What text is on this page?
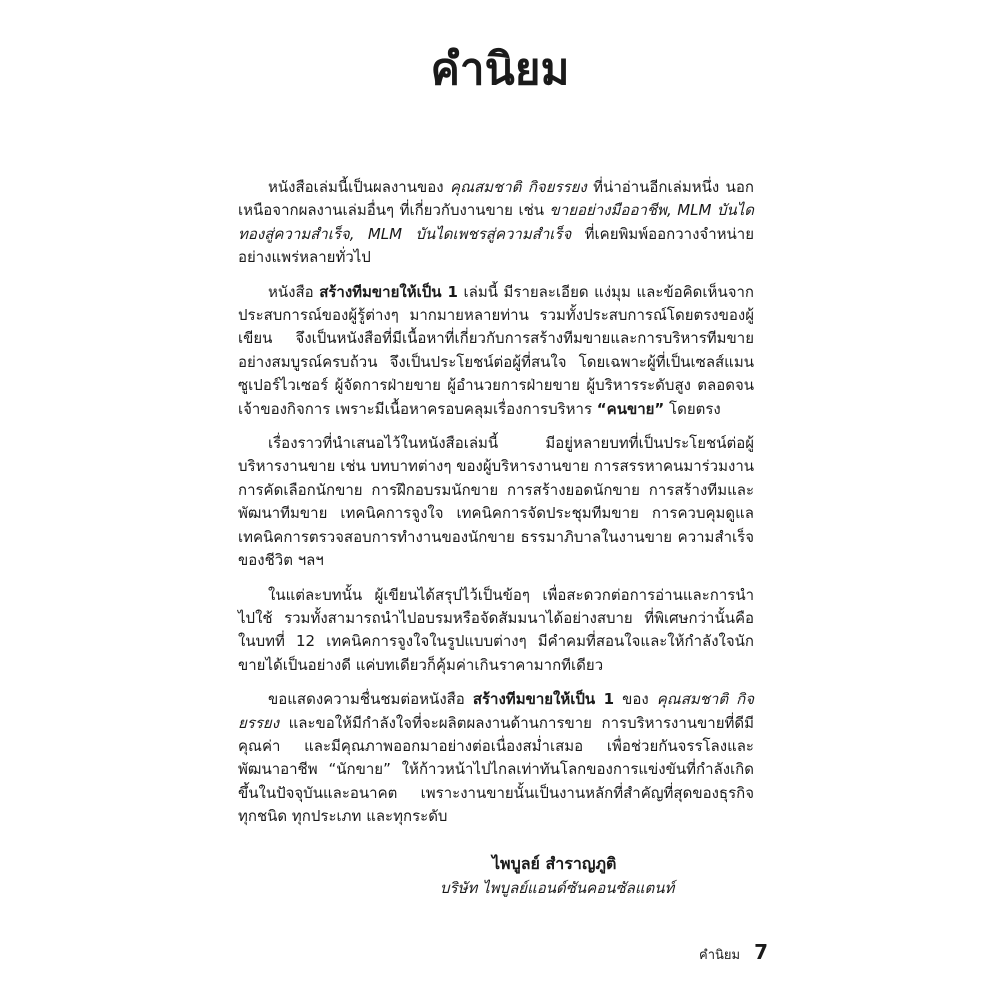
คำนิยม

หนังสือเล่มนี้เป็นผลงานของ คุณสมชาติ กิจยรรยง ที่น่าอ่านอีกเล่มหนึ่ง นอกเหนือจากผลงานเล่มอื่นๆ ที่เกี่ยวกับงานขาย เช่น ขายอย่างมืออาชีพ, MLM บันไดทองสู่ความสำเร็จ, MLM บันไดเพชรสู่ความสำเร็จ ที่เคยพิมพ์ออกวางจำหน่ายอย่างแพร่หลายทั่วไป

หนังสือ สร้างทีมขายให้เป็น 1 เล่มนี้ มีรายละเอียด แง่มุม และข้อคิดเห็นจากประสบการณ์ของผู้รู้ต่างๆ มากมายหลายท่าน รวมทั้งประสบการณ์โดยตรงของผู้เขียน จึงเป็นหนังสือที่มีเนื้อหาที่เกี่ยวกับการสร้างทีมขายและการบริหารทีมขายอย่างสมบูรณ์ครบถ้วน จึงเป็นประโยชน์ต่อผู้ที่สนใจ โดยเฉพาะผู้ที่เป็นเซลส์แมน ซูเปอร์ไวเซอร์ ผู้จัดการฝ่ายขาย ผู้อำนวยการฝ่ายขาย ผู้บริหารระดับสูง ตลอดจนเจ้าของกิจการ เพราะมีเนื้อหาครอบคลุมเรื่องการบริหาร “คนขาย” โดยตรง

เรื่องราวที่นำเสนอไว้ในหนังสือเล่มนี้ มีอยู่หลายบทที่เป็นประโยชน์ต่อผู้บริหารงานขาย เช่น บทบาทต่างๆ ของผู้บริหารงานขาย การสรรหาคนมาร่วมงาน การคัดเลือกนักขาย การฝึกอบรมนักขาย การสร้างยอดนักขาย การสร้างทีมและพัฒนาทีมขาย เทคนิคการจูงใจ เทคนิคการจัดประชุมทีมขาย การควบคุมดูแล เทคนิคการตรวจสอบการทำงานของนักขาย ธรรมาภิบาลในงานขาย ความสำเร็จของชีวิต ฯลฯ

ในแต่ละบทนั้น ผู้เขียนได้สรุปไว้เป็นข้อๆ เพื่อสะดวกต่อการอ่านและการนำไปใช้ รวมทั้งสามารถนำไปอบรมหรือจัดสัมมนาได้อย่างสบาย ที่พิเศษกว่านั้นคือในบทที่ 12 เทคนิคการจูงใจในรูปแบบต่างๆ มีคำคมที่สอนใจและให้กำลังใจนักขายได้เป็นอย่างดี แค่บทเดียวก็คุ้มค่าเกินราคามากทีเดียว

ขอแสดงความชื่นชมต่อหนังสือ สร้างทีมขายให้เป็น 1 ของ คุณสมชาติ กิจยรรยง และขอให้มีกำลังใจที่จะผลิตผลงานด้านการขาย การบริหารงานขายที่ดีมีคุณค่า และมีคุณภาพออกมาอย่างต่อเนื่องสม่ำเสมอ เพื่อช่วยกันจรรโลงและพัฒนาอาชีพ “นักขาย” ให้ก้าวหน้าไปไกลเท่าทันโลกของการแข่งขันที่กำลังเกิดขึ้นในปัจจุบันและอนาคต เพราะงานขายนั้นเป็นงานหลักที่สำคัญที่สุดของธุรกิจทุกชนิด ทุกประเภท และทุกระดับ

ไพบูลย์ สำราญภูติ
บริษัท ไพบูลย์แอนด์ซันคอนซัลแตนท์
คำนิยม 7
